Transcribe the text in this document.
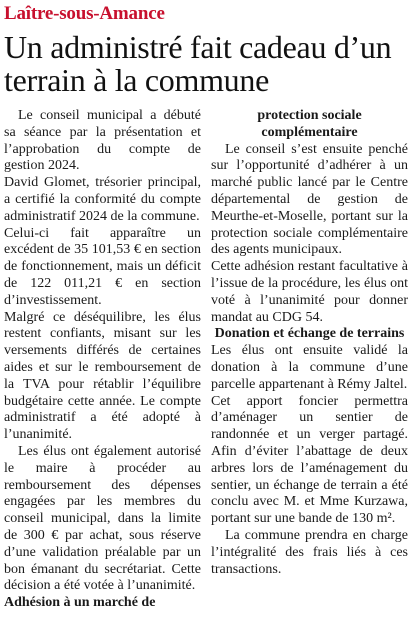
Laître-sous-Amance
Un administré fait cadeau d’un terrain à la commune

Le conseil municipal a débuté sa séance par la présentation et l’approbation du compte de gestion 2024.

David Glomet, trésorier principal, a certifié la conformité du compte administratif 2024 de la commune.

Celui-ci fait apparaître un excédent de 35 101,53 € en section de fonctionnement, mais un déficit de 122 011,21 € en section d’investissement.

Malgré ce déséquilibre, les élus restent confiants, misant sur les versements différés de certaines aides et sur le remboursement de la TVA pour rétablir l’équilibre budgétaire cette année. Le compte administratif a été adopté à l’unanimité.

Les élus ont également autorisé le maire à procéder au remboursement des dépenses engagées par les membres du conseil municipal, dans la limite de 300 € par achat, sous réserve d’une validation préalable par un bon émanant du secrétariat. Cette décision a été votée à l’unanimité.

Adhésion à un marché de

protection sociale complémentaire

Le conseil s’est ensuite penché sur l’opportunité d’adhérer à un marché public lancé par le Centre départemental de gestion de Meurthe-et-Moselle, portant sur la protection sociale complémentaire des agents municipaux.

Cette adhésion restant facultative à l’issue de la procédure, les élus ont voté à l’unanimité pour donner mandat au CDG 54.

Donation et échange de terrains

Les élus ont ensuite validé la donation à la commune d’une parcelle appartenant à Rémy Jaltel.

Cet apport foncier permettra d’aménager un sentier de randonnée et un verger partagé. Afin d’éviter l’abattage de deux arbres lors de l’aménagement du sentier, un échange de terrain a été conclu avec M. et Mme Kurzawa, portant sur une bande de 130 m².

La commune prendra en charge l’intégralité des frais liés à ces transactions.
